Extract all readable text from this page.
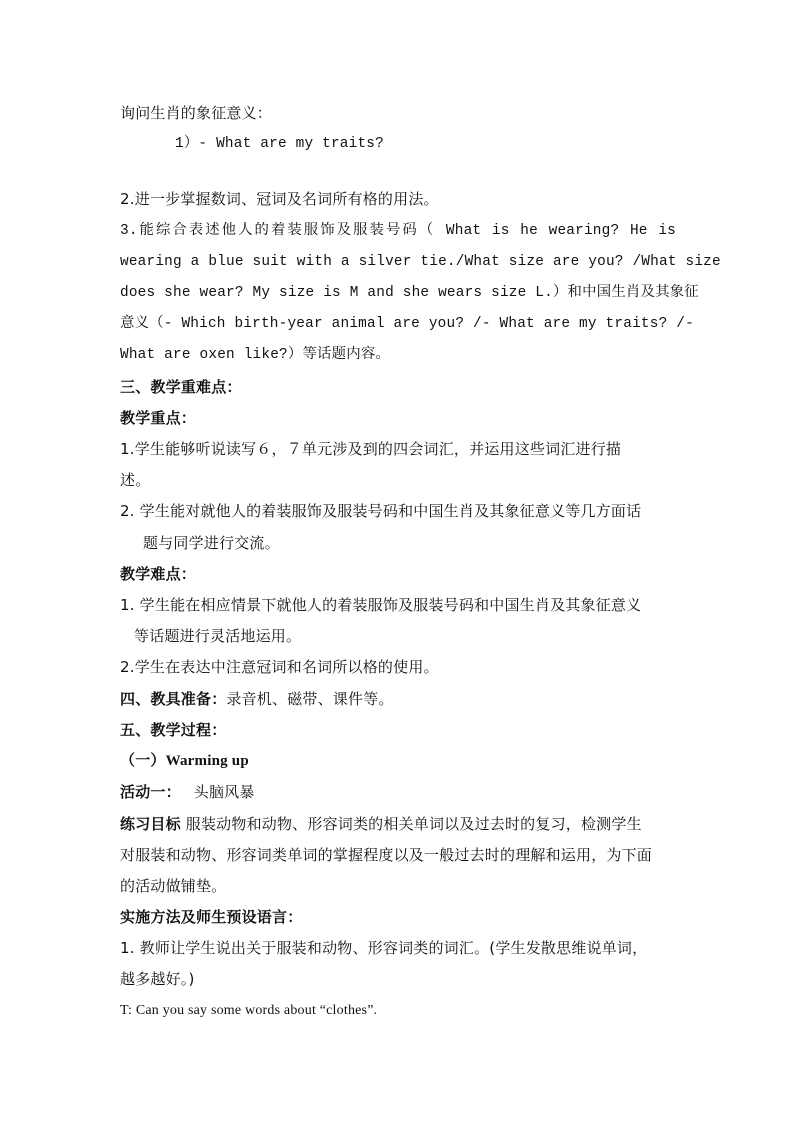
询问生肖的象征意义：
1）- What are my traits?
2.进一步掌握数词、冠词及名词所有格的用法。
3.能综合表述他人的着装服饰及服装号码（ What is he wearing? He is
wearing a blue suit with a silver tie./What size are you? /What size
does she wear? My size is M and she wears size L.）和中国生肖及其象征
意义（- Which birth-year animal are you? /- What are my traits? /-
What are oxen like?）等话题内容。
三、教学重难点：
教学重点：
1.学生能够听说读写６，７单元涉及到的四会词汇，并运用这些词汇进行描
述。
2. 学生能对就他人的着装服饰及服装号码和中国生肖及其象征意义等几方面话
题与同学进行交流。
教学难点：
1. 学生能在相应情景下就他人的着装服饰及服装号码和中国生肖及其象征意义
等话题进行灵活地运用。
2.学生在表达中注意冠词和名词所以格的使用。
四、教具准备：录音机、磁带、课件等。
五、教学过程：
（一）Warming up
活动一： 头脑风暴
练习目标 服装动物和动物、形容词类的相关单词以及过去时的复习，检测学生
对服装和动物、形容词类单词的掌握程度以及一般过去时的理解和运用，为下面
的活动做铺垫。
实施方法及师生预设语言：
1. 教师让学生说出关于服装和动物、形容词类的词汇。(学生发散思维说单词，
越多越好。)
T: Can you say some words about “clothes”.
